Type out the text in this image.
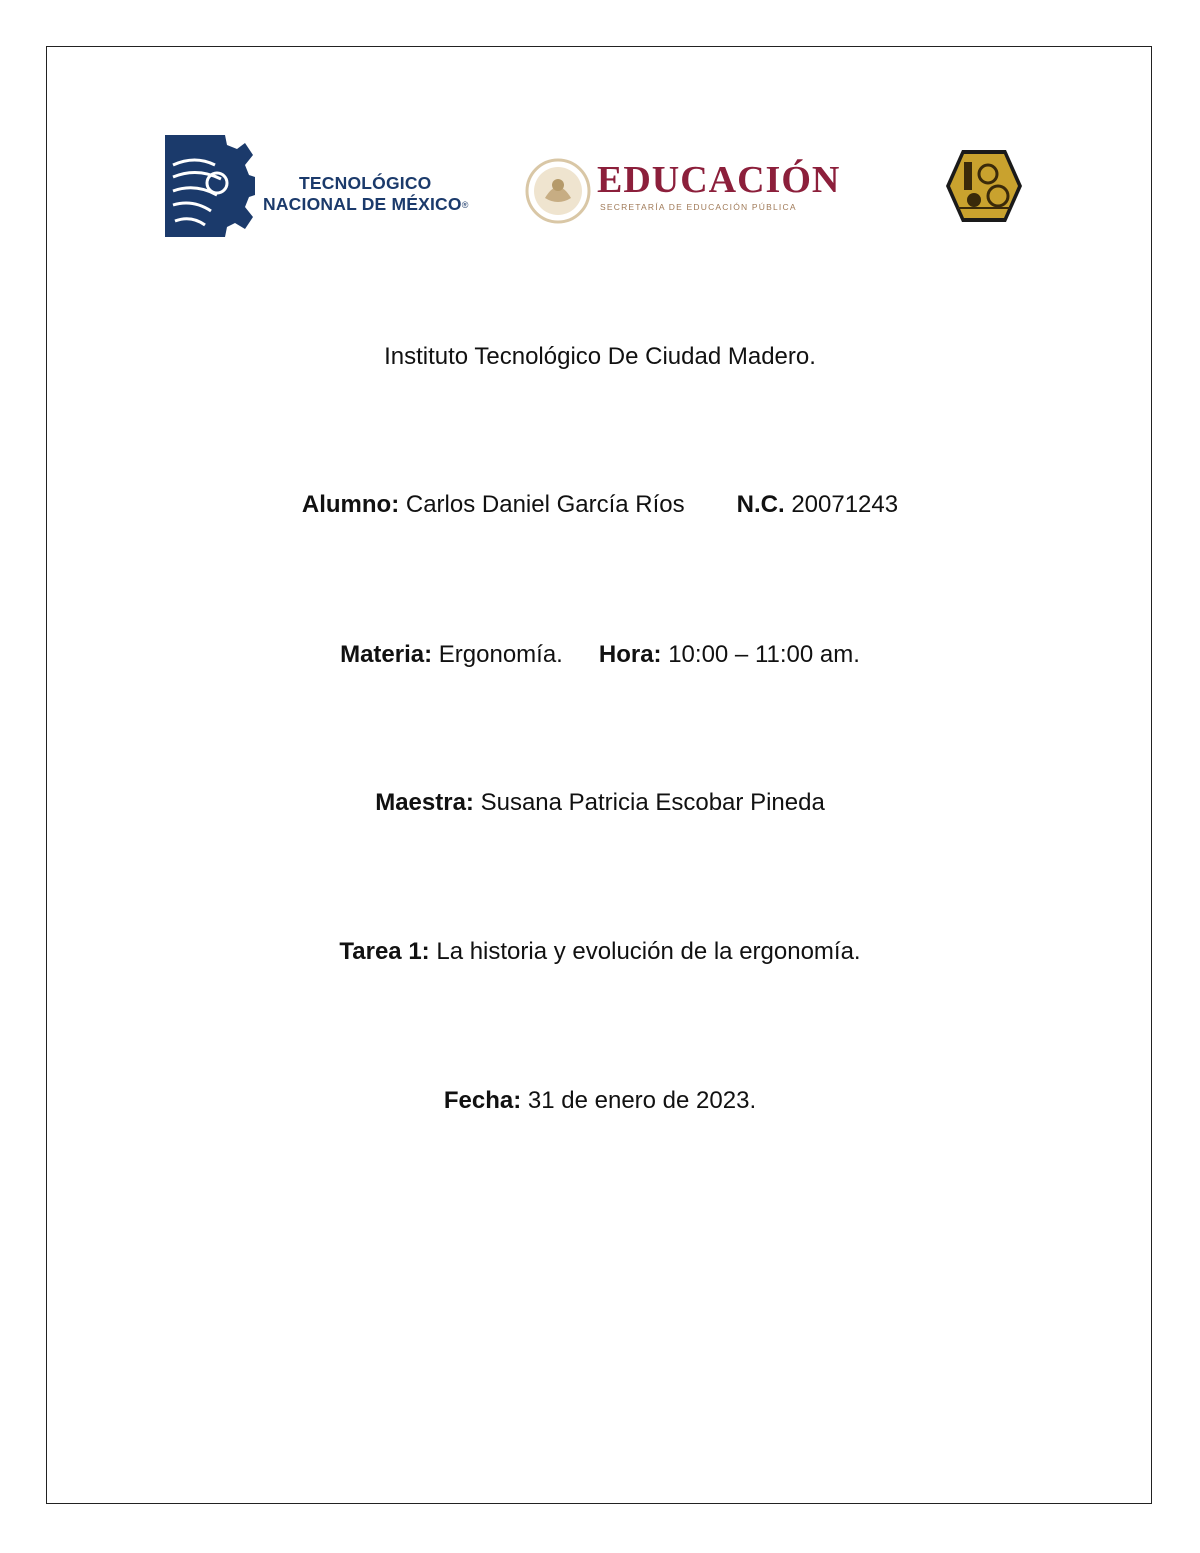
TECNOLÓGICO
NACIONAL DE MÉXICO®
EDUCACIÓN
SECRETARÍA DE EDUCACIÓN PÚBLICA
Instituto Tecnológico De Ciudad Madero.
Alumno: Carlos Daniel García Ríos N.C. 20071243
Materia: Ergonomía. Hora: 10:00 – 11:00 am.
Maestra: Susana Patricia Escobar Pineda
Tarea 1: La historia y evolución de la ergonomía.
Fecha: 31 de enero de 2023.
